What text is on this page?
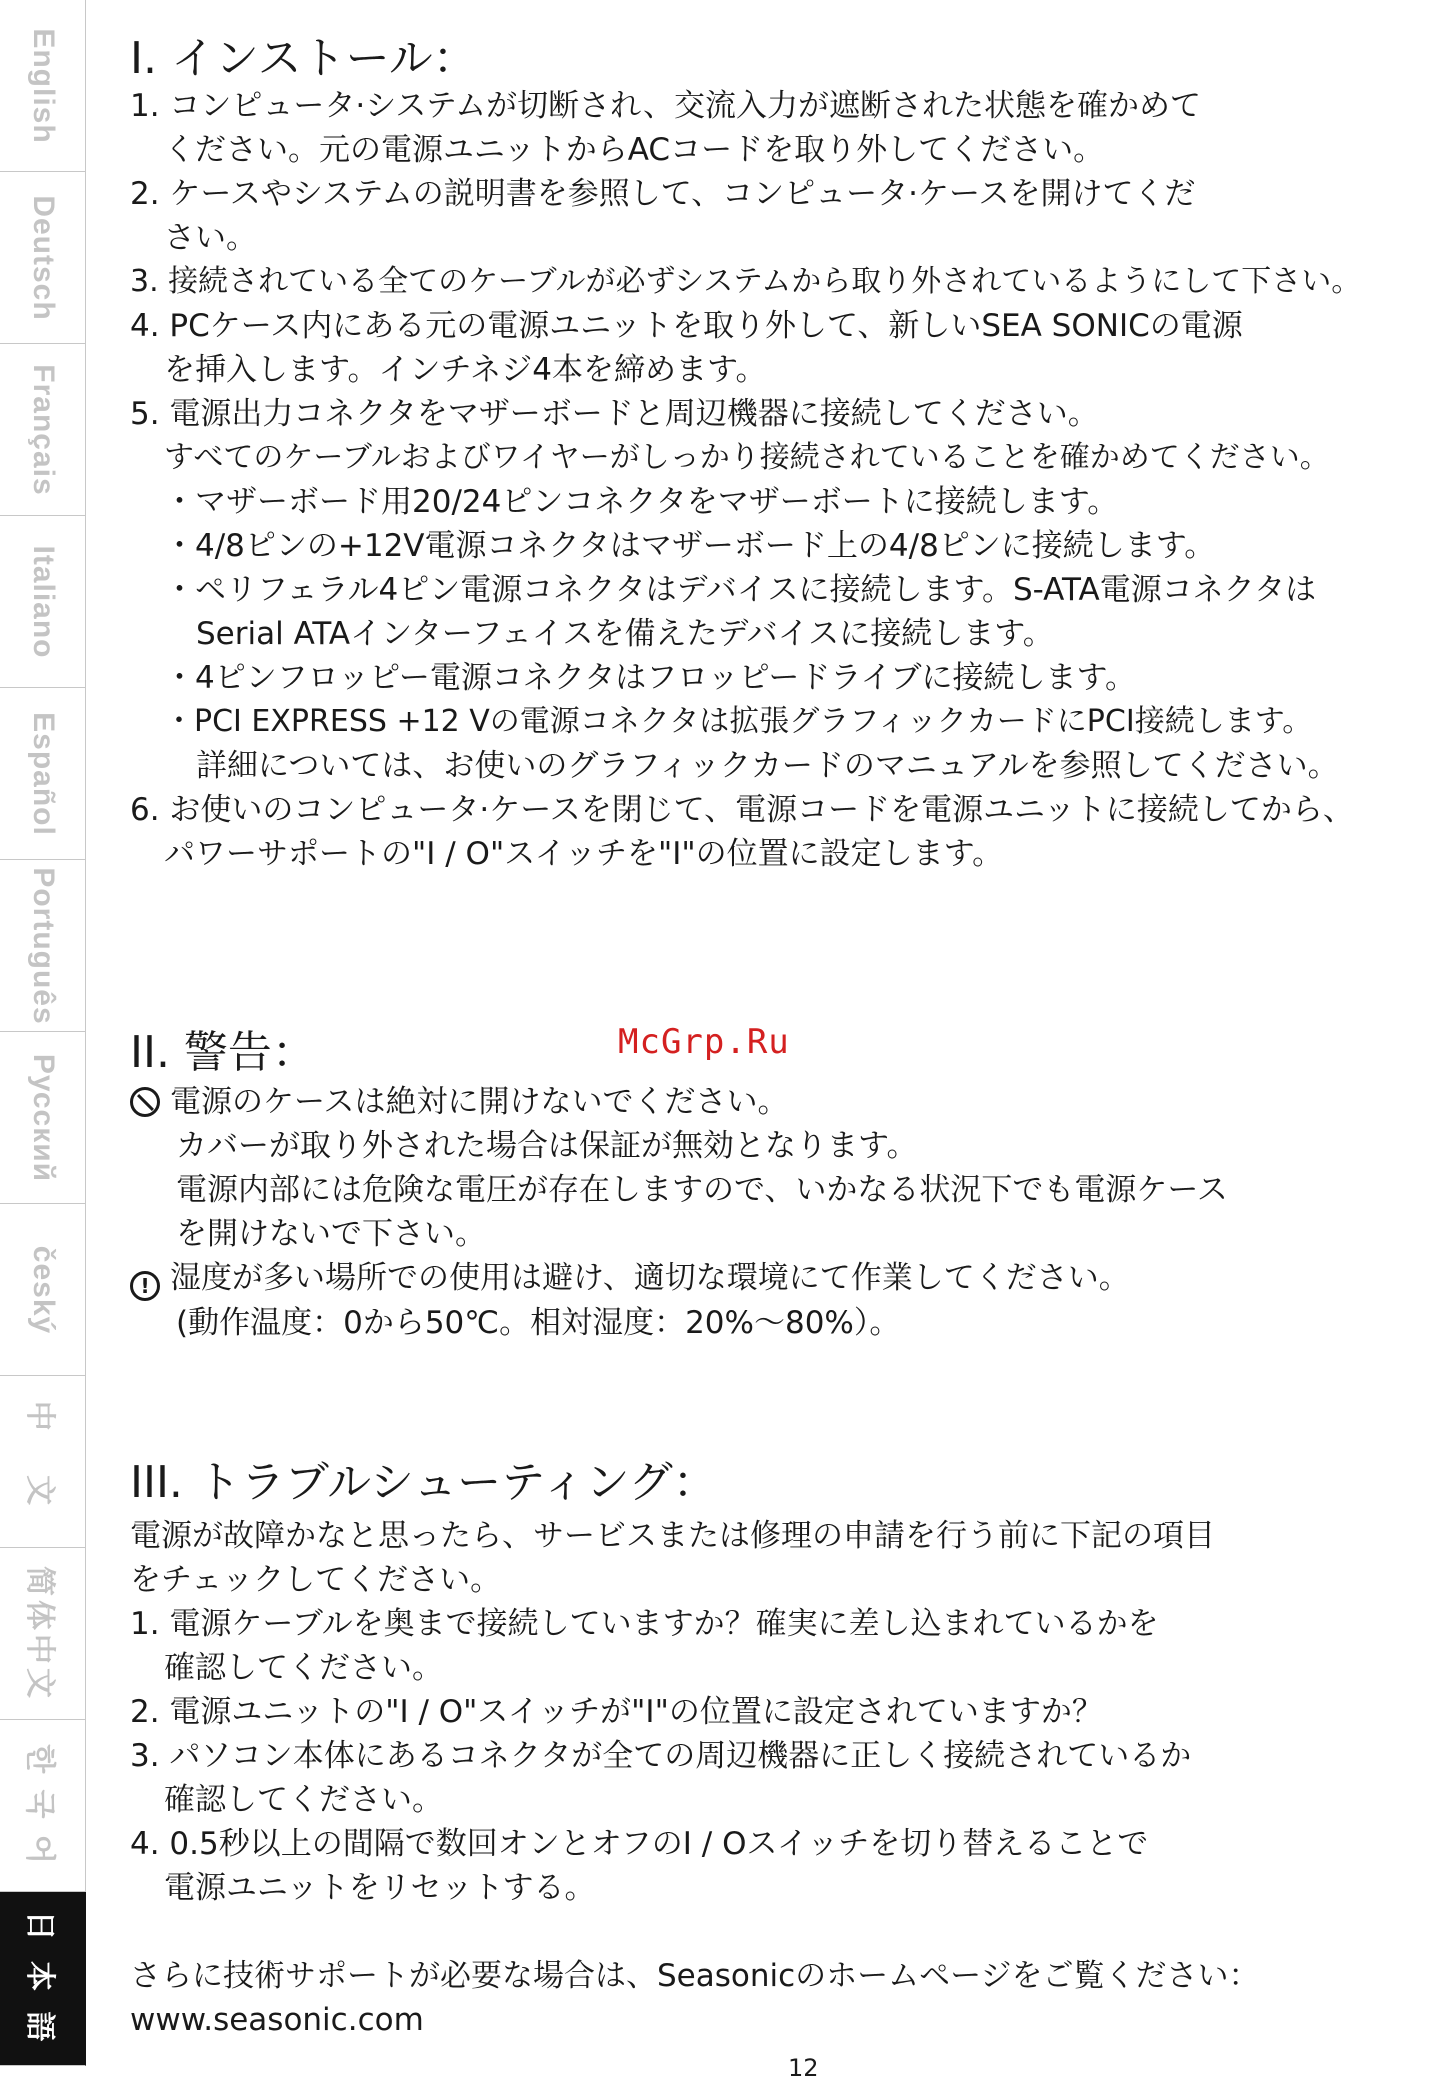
English
Deutsch
Français
Italiano
Español
Português
Русский
český
中 文
简体中文
한 국 어
日 本 語
I. インストール：
1. コンピュータ·システムが切断され、交流入力が遮断された状態を確かめて
ください。元の電源ユニットからACコードを取り外してください。
2. ケースやシステムの説明書を参照して、コンピュータ·ケースを開けてくだ
さい。
3. 接続されている全てのケーブルが必ずシステムから取り外されているようにして下さい。
4. PCケース内にある元の電源ユニットを取り外して、新しいSEA SONICの電源
を挿入します。インチネジ4本を締めます。
5. 電源出力コネクタをマザーボードと周辺機器に接続してください。
すべてのケーブルおよびワイヤーがしっかり接続されていることを確かめてください。
・マザーボード用20/24ピンコネクタをマザーボートに接続します。
・4/8ピンの+12V電源コネクタはマザーボード上の4/8ピンに接続します。
・ペリフェラル4ピン電源コネクタはデバイスに接続します。S-ATA電源コネクタは
Serial ATAインターフェイスを備えたデバイスに接続します。
・4ピンフロッピー電源コネクタはフロッピードライブに接続します。
・PCI EXPRESS +12 Vの電源コネクタは拡張グラフィックカードにPCI接続します。
詳細については、お使いのグラフィックカードのマニュアルを参照してください。
6. お使いのコンピュータ·ケースを閉じて、電源コードを電源ユニットに接続してから、
パワーサポートの"I / O"スイッチを"I"の位置に設定します。
II. 警告：
電源のケースは絶対に開けないでください。
カバーが取り外された場合は保証が無効となります。
電源内部には危険な電圧が存在しますので、いかなる状況下でも電源ケース
を開けないで下さい。
! 湿度が多い場所での使用は避け、適切な環境にて作業してください。
(動作温度：0から50℃。相対湿度：20%～80%）。
III. トラブルシューティング：
電源が故障かなと思ったら、サービスまたは修理の申請を行う前に下記の項目
をチェックしてください。
1. 電源ケーブルを奥まで接続していますか？確実に差し込まれているかを
確認してください。
2. 電源ユニットの"I / O"スイッチが"I"の位置に設定されていますか？
3. パソコン本体にあるコネクタが全ての周辺機器に正しく接続されているか
確認してください。
4. 0.5秒以上の間隔で数回オンとオフのI / Oスイッチを切り替えることで
電源ユニットをリセットする。
さらに技術サポートが必要な場合は、Seasonicのホームページをご覧ください：
www.seasonic.com
McGrp.Ru
12
